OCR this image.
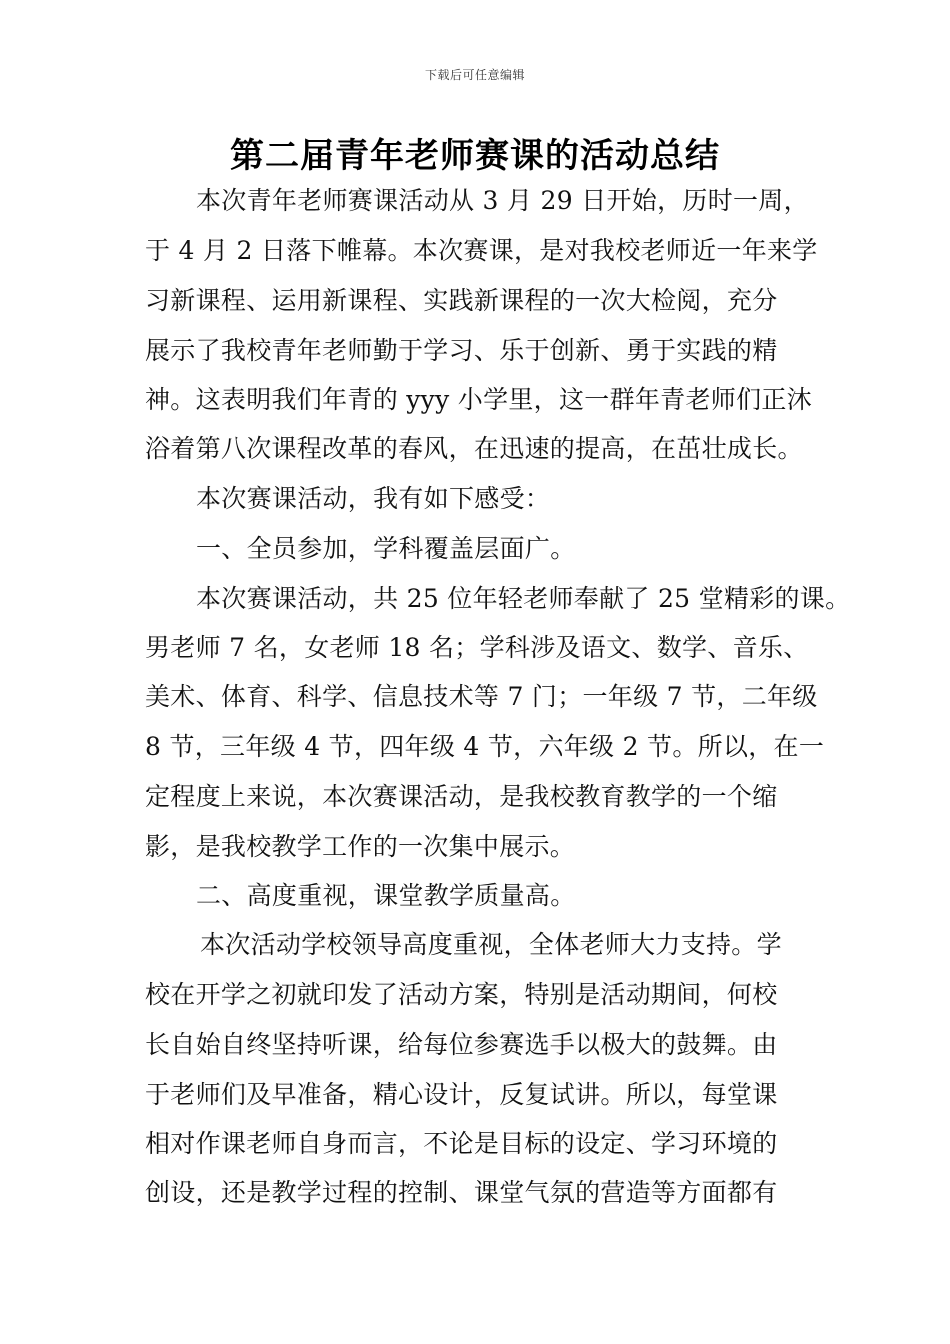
下载后可任意编辑
第二届青年老师赛课的活动总结
本次青年老师赛课活动从 3 月 29 日开始，历时一周，
于 4 月 2 日落下帷幕。本次赛课，是对我校老师近一年来学
习新课程、运用新课程、实践新课程的一次大检阅，充分
展示了我校青年老师勤于学习、乐于创新、勇于实践的精
神。这表明我们年青的 yyy 小学里，这一群年青老师们正沐
浴着第八次课程改革的春风，在迅速的提高，在茁壮成长。
本次赛课活动，我有如下感受：
一、全员参加，学科覆盖层面广。
本次赛课活动，共 25 位年轻老师奉献了 25 堂精彩的课。
男老师 7 名，女老师 18 名；学科涉及语文、数学、音乐、
美术、体育、科学、信息技术等 7 门；一年级 7 节，二年级
8 节，三年级 4 节，四年级 4 节，六年级 2 节。所以，在一
定程度上来说，本次赛课活动，是我校教育教学的一个缩
影，是我校教学工作的一次集中展示。
二、高度重视，课堂教学质量高。
本次活动学校领导高度重视，全体老师大力支持。学
校在开学之初就印发了活动方案，特别是活动期间，何校
长自始自终坚持听课，给每位参赛选手以极大的鼓舞。由
于老师们及早准备，精心设计，反复试讲。所以，每堂课
相对作课老师自身而言，不论是目标的设定、学习环境的
创设，还是教学过程的控制、课堂气氛的营造等方面都有
